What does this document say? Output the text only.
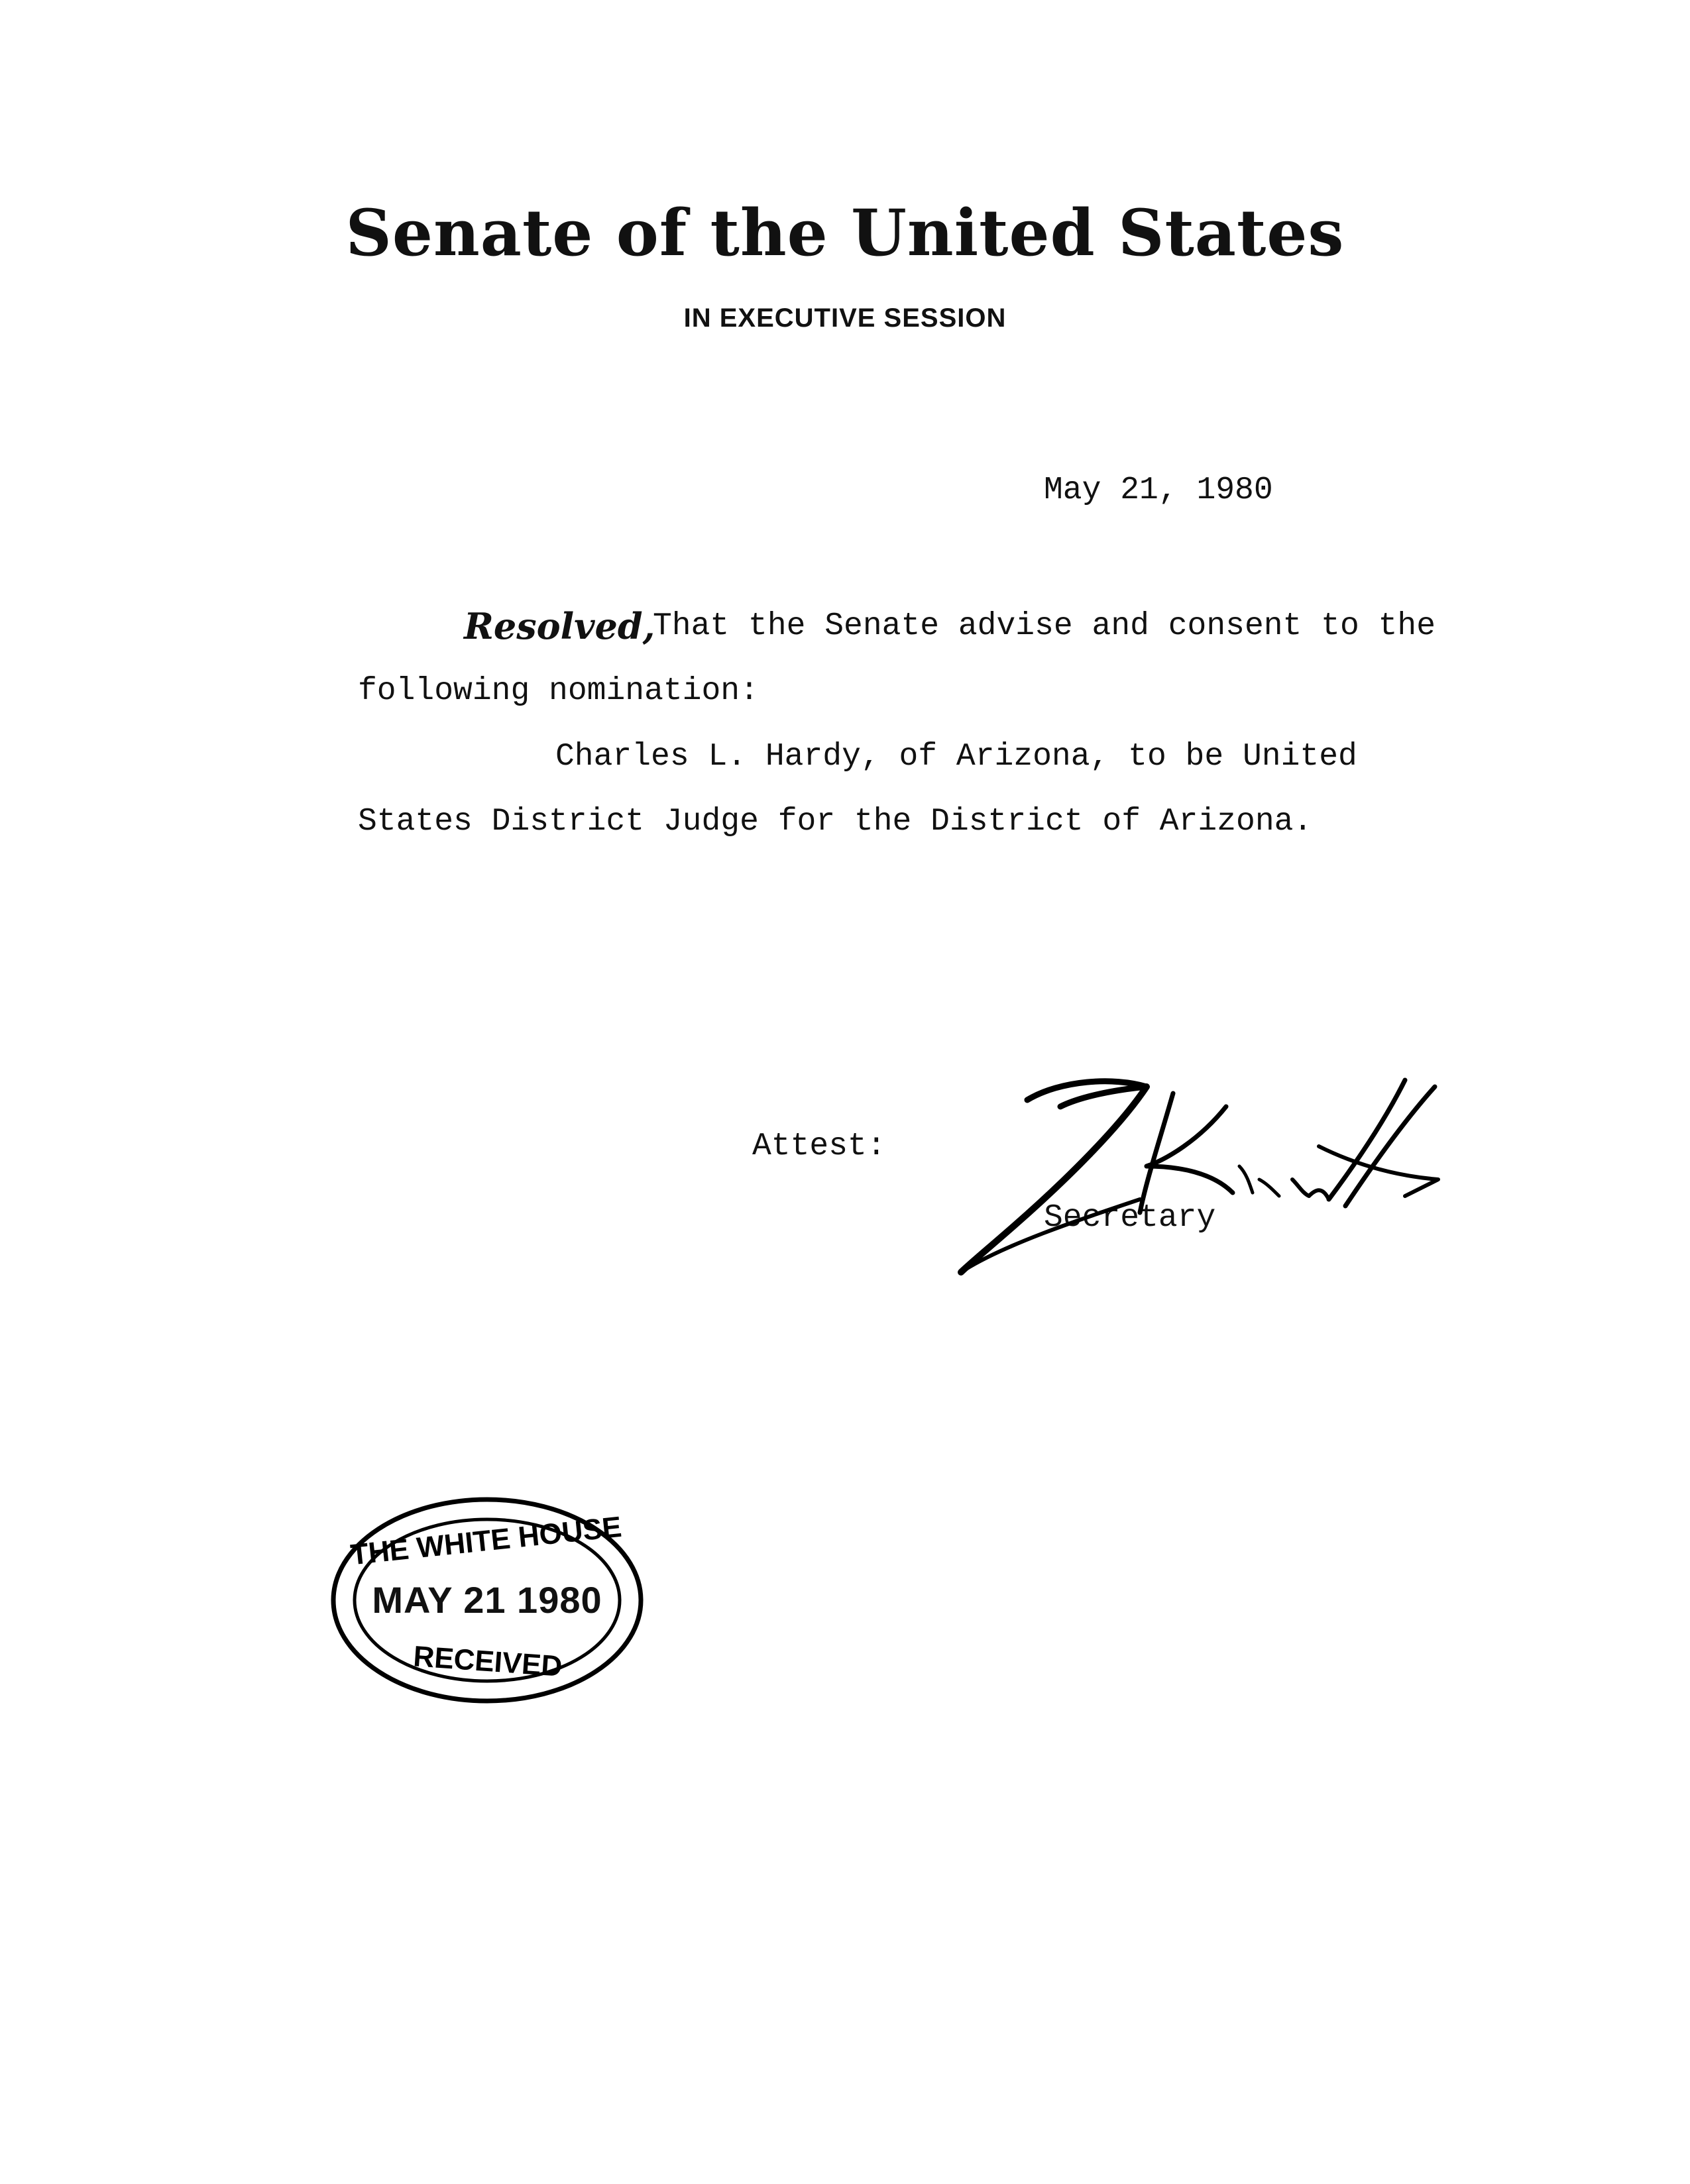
Senate of the United States
IN EXECUTIVE SESSION
May 21, 1980
Resolved,
That the Senate advise and consent to the
following nomination:
Charles L. Hardy, of Arizona, to be United
States District Judge for the District of Arizona.
Attest:
Secretary
THE WHITE HOUSE
RECEIVED
MAY 21 1980
